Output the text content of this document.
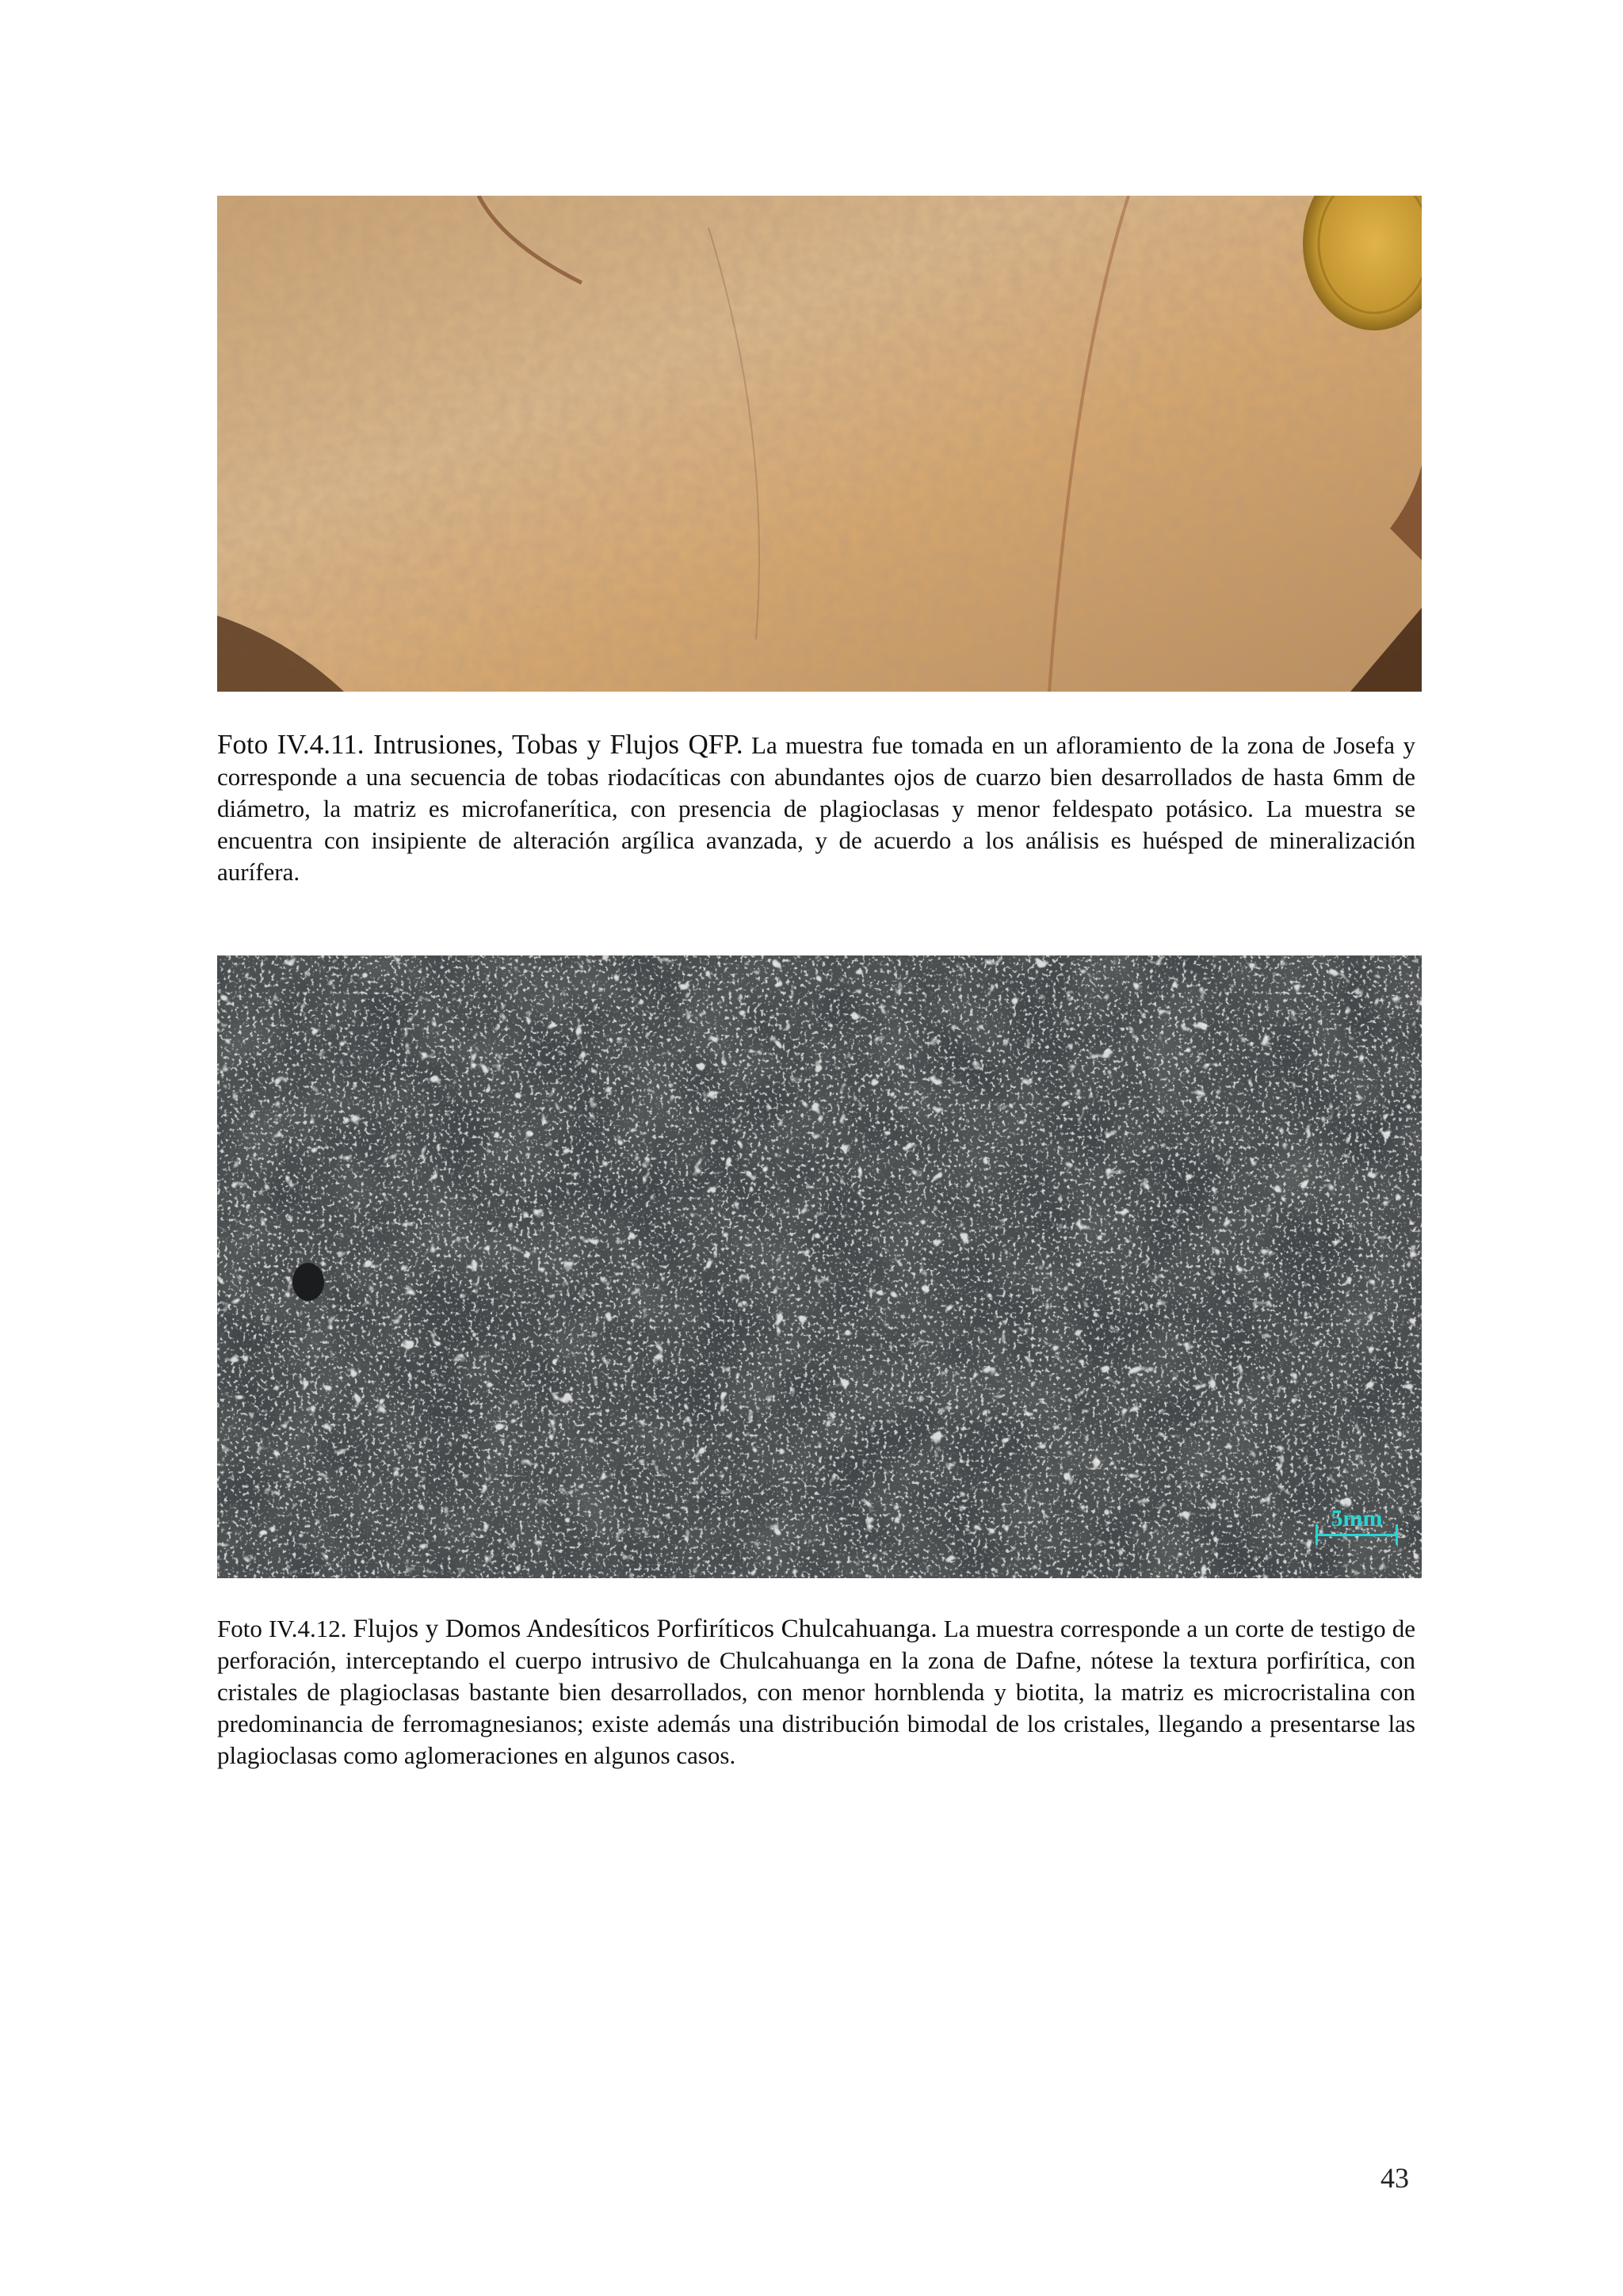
Foto IV.4.11. Intrusiones, Tobas y Flujos QFP. La muestra fue tomada en un afloramiento de la zona de Josefa y corresponde a una secuencia de tobas riodacíticas con abundantes ojos de cuarzo bien desarrollados de hasta 6mm de diámetro, la matriz es microfanerítica, con presencia de plagioclasas y menor feldespato potásico. La muestra se encuentra con insipiente de alteración argílica avanzada, y de acuerdo a los análisis es huésped de mineralización aurífera.
5mm
Foto IV.4.12. Flujos y Domos Andesíticos Porfiríticos Chulcahuanga. La muestra corresponde a un corte de testigo de perforación, interceptando el cuerpo intrusivo de Chulcahuanga en la zona de Dafne, nótese la textura porfirítica, con cristales de plagioclasas bastante bien desarrollados, con menor hornblenda y biotita, la matriz es microcristalina con predominancia de ferromagnesianos; existe además una distribución bimodal de los cristales, llegando a presentarse las plagioclasas como aglomeraciones en algunos casos.
43
